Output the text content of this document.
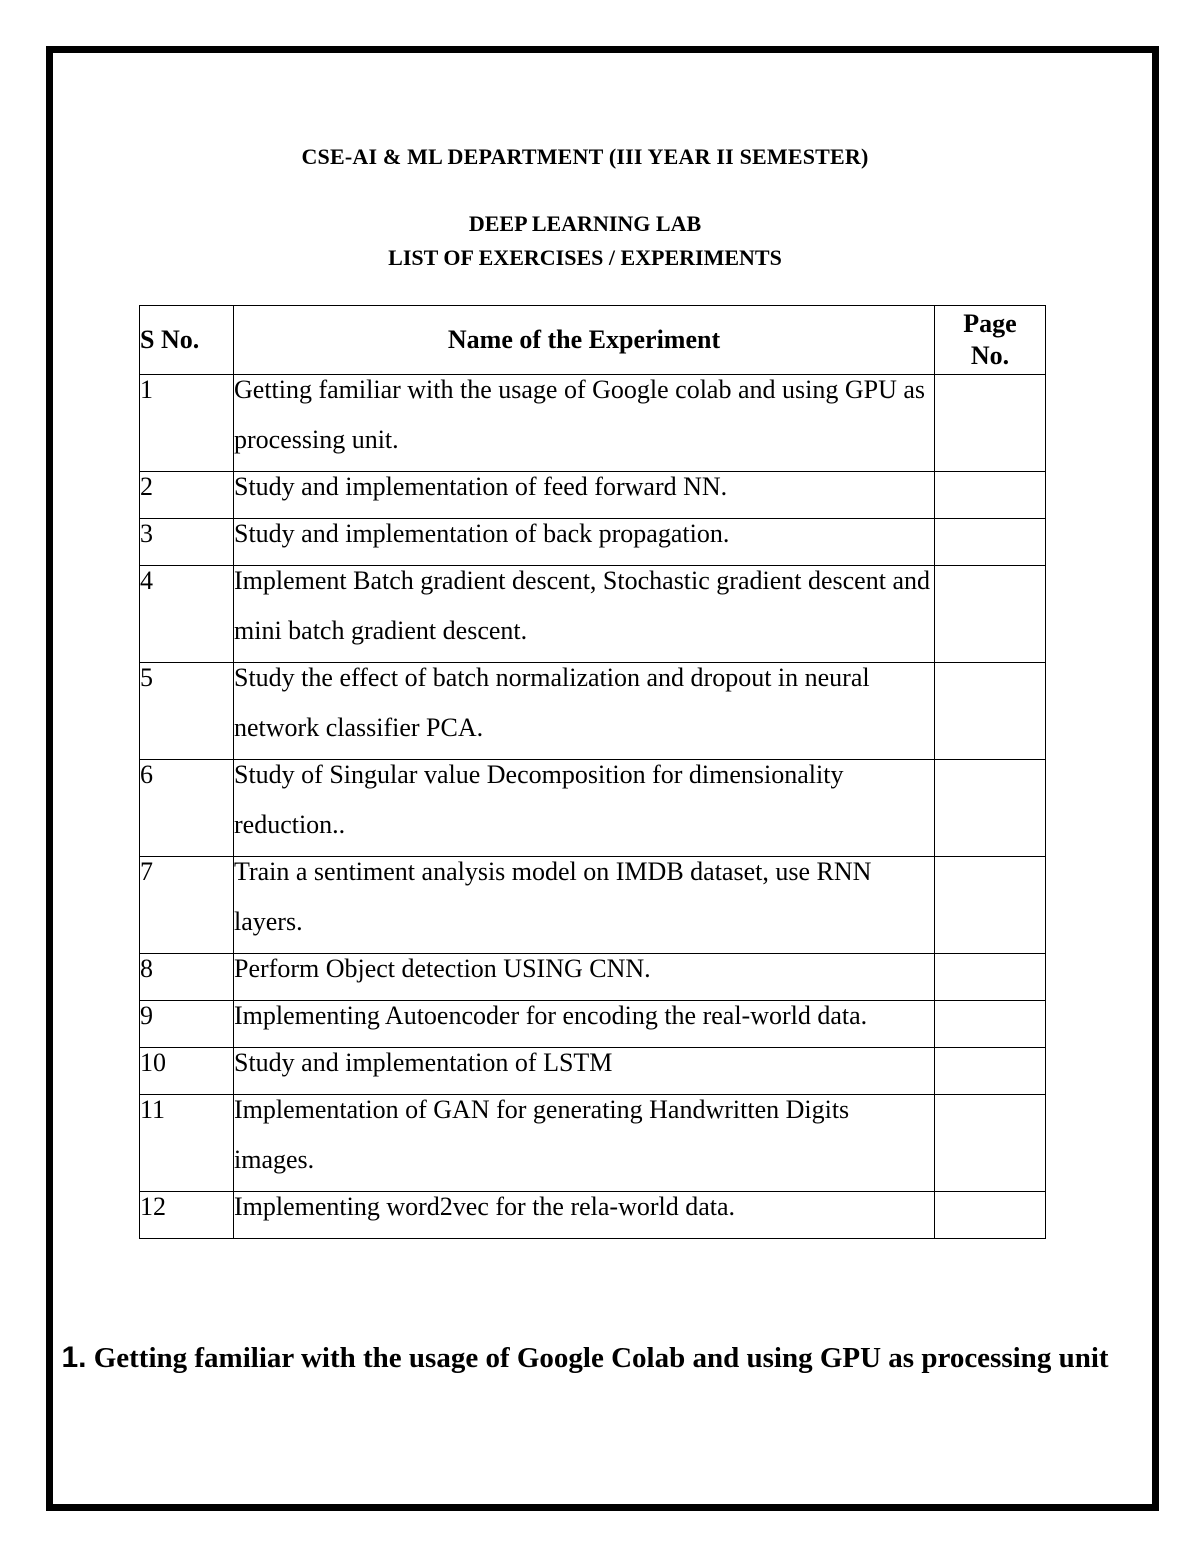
CSE-AI & ML DEPARTMENT (III YEAR II SEMESTER)
DEEP LEARNING LAB
LIST OF EXERCISES / EXPERIMENTS
S No.	Name of the Experiment	Page
No.

1	Getting familiar with the usage of Google colab and using GPU as processing unit.	

2	Study and implementation of feed forward NN.	

3	Study and implementation of back propagation.	

4	Implement Batch gradient descent, Stochastic gradient descent and mini batch gradient descent.	

5	Study the effect of batch normalization and dropout in neural network classifier PCA.	

6	Study of Singular value Decomposition for dimensionality reduction..	

7	Train a sentiment analysis model on IMDB dataset, use RNN layers.	

8	Perform Object detection USING CNN.	

9	Implementing Autoencoder for encoding the real-world data.	

10	Study and implementation of LSTM	

11	Implementation of GAN for generating Handwritten Digits images.	

12	Implementing word2vec for the rela-world data.	

1. Getting familiar with the usage of Google Colab and using GPU as processing unit
